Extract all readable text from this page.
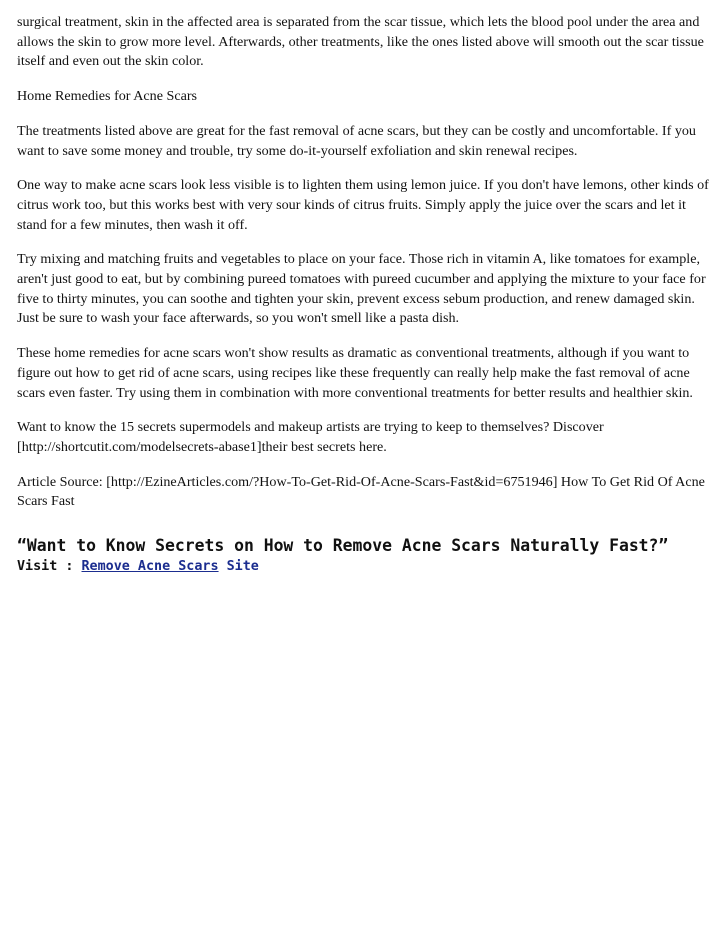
surgical treatment, skin in the affected area is separated from the scar tissue, which lets the blood pool under the area and allows the skin to grow more level. Afterwards, other treatments, like the ones listed above will smooth out the scar tissue itself and even out the skin color.

Home Remedies for Acne Scars

The treatments listed above are great for the fast removal of acne scars, but they can be costly and uncomfortable. If you want to save some money and trouble, try some do-it-yourself exfoliation and skin renewal recipes.

One way to make acne scars look less visible is to lighten them using lemon juice. If you don't have lemons, other kinds of citrus work too, but this works best with very sour kinds of citrus fruits. Simply apply the juice over the scars and let it stand for a few minutes, then wash it off.

Try mixing and matching fruits and vegetables to place on your face. Those rich in vitamin A, like tomatoes for example, aren't just good to eat, but by combining pureed tomatoes with pureed cucumber and applying the mixture to your face for five to thirty minutes, you can soothe and tighten your skin, prevent excess sebum production, and renew damaged skin. Just be sure to wash your face afterwards, so you won't smell like a pasta dish.

These home remedies for acne scars won't show results as dramatic as conventional treatments, although if you want to figure out how to get rid of acne scars, using recipes like these frequently can really help make the fast removal of acne scars even faster. Try using them in combination with more conventional treatments for better results and healthier skin.

Want to know the 15 secrets supermodels and makeup artists are trying to keep to themselves? Discover [http://shortcutit.com/modelsecrets-abase1]their best secrets here.

Article Source: [http://EzineArticles.com/?How-To-Get-Rid-Of-Acne-Scars-Fast&id=6751946] How To Get Rid Of Acne Scars Fast

“Want to Know Secrets on How to Remove Acne Scars Naturally Fast?”

Visit : Remove Acne Scars Site
